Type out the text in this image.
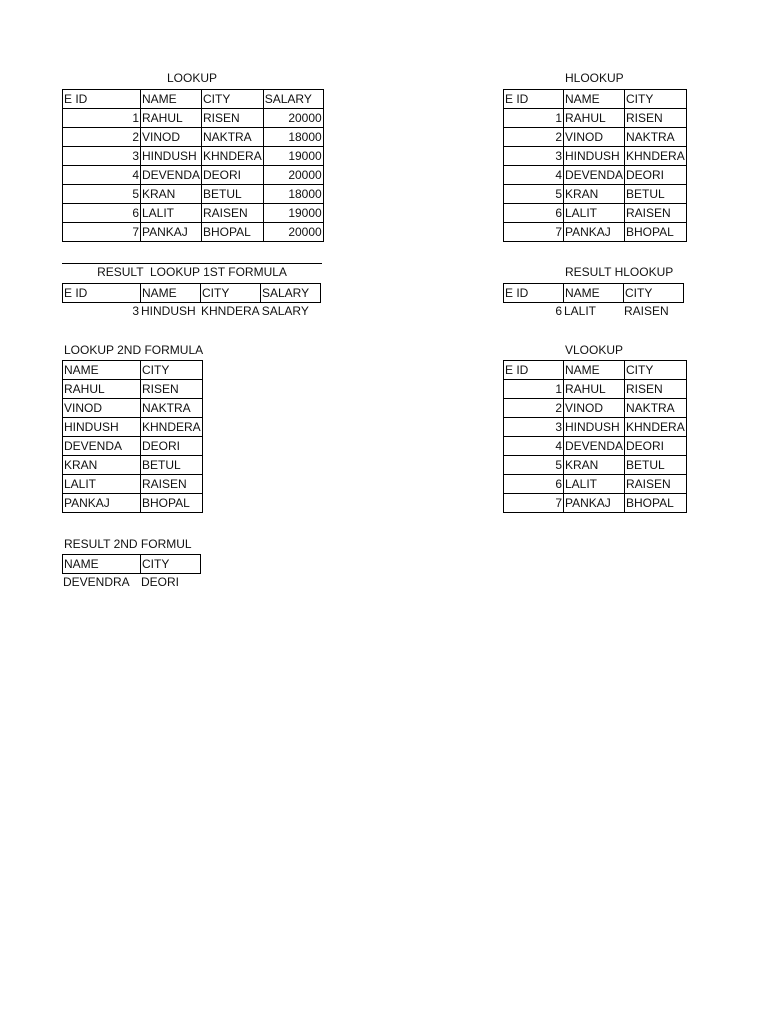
LOOKUP
E ID	NAME	CITY	SALARY
1	RAHUL	RISEN	20000
2	VINOD	NAKTRA	18000
3	HINDUSH	KHNDERA	19000
4	DEVENDA	DEORI	20000
5	KRAN	BETUL	18000
6	LALIT	RAISEN	19000
7	PANKAJ	BHOPAL	20000
RESULT  LOOKUP 1ST FORMULA
E ID	NAME	CITY	SALARY
3	HINDUSH	KHNDERA	SALARY
LOOKUP 2ND FORMULA
NAME	CITY
RAHUL	RISEN
VINOD	NAKTRA
HINDUSH	KHNDERA
DEVENDA	DEORI
KRAN	BETUL
LALIT	RAISEN
PANKAJ	BHOPAL
RESULT 2ND FORMUL
NAME	CITY
DEVENDRA	DEORI
HLOOKUP
E ID	NAME	CITY
1	RAHUL	RISEN
2	VINOD	NAKTRA
3	HINDUSH	KHNDERA
4	DEVENDA	DEORI
5	KRAN	BETUL
6	LALIT	RAISEN
7	PANKAJ	BHOPAL
RESULT HLOOKUP
E ID	NAME	CITY
6	LALIT	RAISEN
VLOOKUP
E ID	NAME	CITY
1	RAHUL	RISEN
2	VINOD	NAKTRA
3	HINDUSH	KHNDERA
4	DEVENDA	DEORI
5	KRAN	BETUL
6	LALIT	RAISEN
7	PANKAJ	BHOPAL
